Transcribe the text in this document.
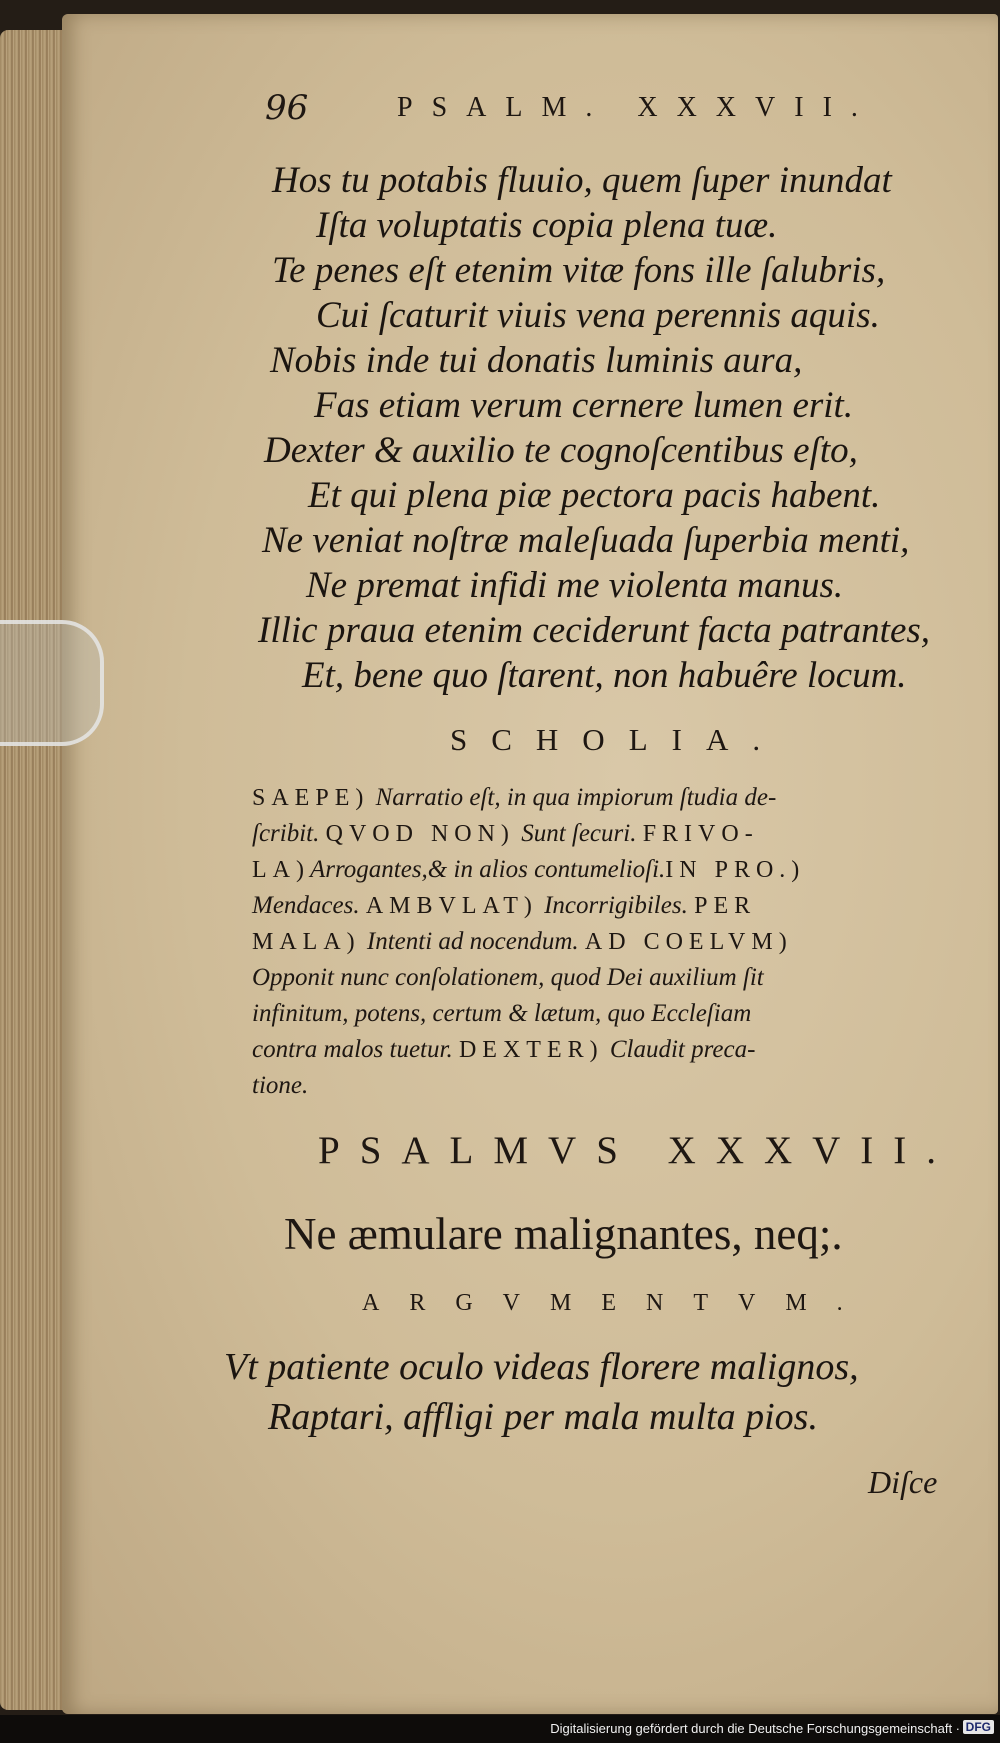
96	PSALM. XXXVII.
Hos tu potabis fluuio, quem ſuper inundat
Iſta voluptatis copia plena tuæ.
Te penes eſt etenim vitæ fons ille ſalubris,
Cui ſcaturit viuis vena perennis aquis.
Nobis inde tui donatis luminis aura,
Fas etiam verum cernere lumen erit.
Dexter & auxilio te cognoſcentibus eſto,
Et qui plena piæ pectora pacis habent.
Ne veniat noſtræ maleſuada ſuperbia menti,
Ne premat infidi me violenta manus.
Illic praua etenim ceciderunt facta patrantes,
Et, bene quo ſtarent, non habuêre locum.
SCHOLIA.
SAEPE) Narratio eſt, in qua impiorum ſtudia de-
ſcribit. QVOD NON) Sunt ſecuri. FRIVO-
LA)Arrogantes,& in alios contumelioſi.IN PRO.)
Mendaces. AMBVLAT) Incorrigibiles. PER
MALA) Intenti ad nocendum. AD COELVM)
Opponit nunc conſolationem, quod Dei auxilium ſit
infinitum, potens, certum & lætum, quo Eccleſiam
contra malos tuetur. DEXTER) Claudit preca-
tione.
PSALMVS XXXVII.
Ne æmulare malignantes, neq;.
ARGVMENTVM.
Vt patiente oculo videas florere malignos,
Raptari, affligi per mala multa pios.
Diſce
Digitalisierung gefördert durch die Deutsche Forschungsgemeinschaft · DFG
